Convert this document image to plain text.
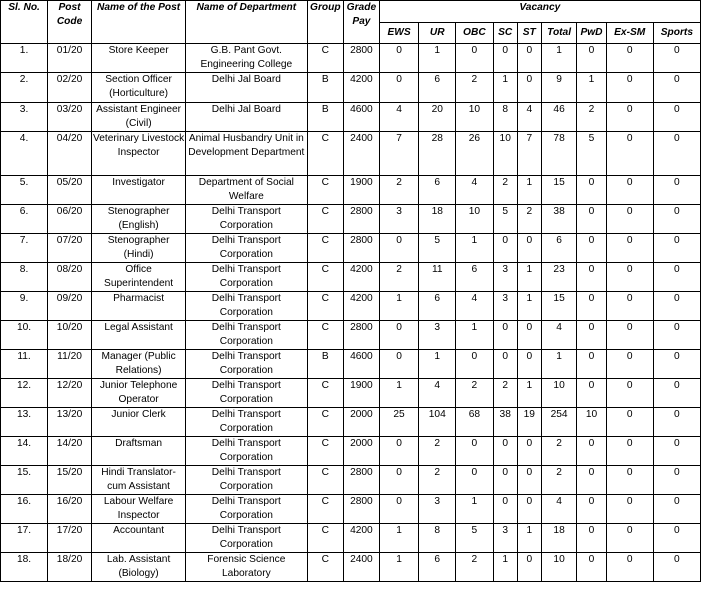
Sl. No.	Post Code	Name of the Post	Name of Department	Group	Grade Pay	Vacancy								
						EWS	UR	OBC	SC	ST	Total	PwD	Ex-SM	Sports
1.	01/20	Store Keeper	G.B. Pant Govt. Engineering College	C	2800	0	1	0	0	0	1	0	0	0
2.	02/20	Section Officer (Horticulture)	Delhi Jal Board	B	4200	0	6	2	1	0	9	1	0	0
3.	03/20	Assistant Engineer (Civil)	Delhi Jal Board	B	4600	4	20	10	8	4	46	2	0	0
4.	04/20	Veterinary Livestock Inspector	Animal Husbandry Unit in Development Department	C	2400	7	28	26	10	7	78	5	0	0
5.	05/20	Investigator	Department of Social Welfare	C	1900	2	6	4	2	1	15	0	0	0
6.	06/20	Stenographer (English)	Delhi Transport Corporation	C	2800	3	18	10	5	2	38	0	0	0
7.	07/20	Stenographer (Hindi)	Delhi Transport Corporation	C	2800	0	5	1	0	0	6	0	0	0
8.	08/20	Office Superintendent	Delhi Transport Corporation	C	4200	2	11	6	3	1	23	0	0	0
9.	09/20	Pharmacist	Delhi Transport Corporation	C	4200	1	6	4	3	1	15	0	0	0
10.	10/20	Legal Assistant	Delhi Transport Corporation	C	2800	0	3	1	0	0	4	0	0	0
11.	11/20	Manager (Public Relations)	Delhi Transport Corporation	B	4600	0	1	0	0	0	1	0	0	0
12.	12/20	Junior Telephone Operator	Delhi Transport Corporation	C	1900	1	4	2	2	1	10	0	0	0
13.	13/20	Junior Clerk	Delhi Transport Corporation	C	2000	25	104	68	38	19	254	10	0	0
14.	14/20	Draftsman	Delhi Transport Corporation	C	2000	0	2	0	0	0	2	0	0	0
15.	15/20	Hindi Translator-cum Assistant	Delhi Transport Corporation	C	2800	0	2	0	0	0	2	0	0	0
16.	16/20	Labour Welfare Inspector	Delhi Transport Corporation	C	2800	0	3	1	0	0	4	0	0	0
17.	17/20	Accountant	Delhi Transport Corporation	C	4200	1	8	5	3	1	18	0	0	0
18.	18/20	Lab. Assistant (Biology)	Forensic Science Laboratory	C	2400	1	6	2	1	0	10	0	0	0
